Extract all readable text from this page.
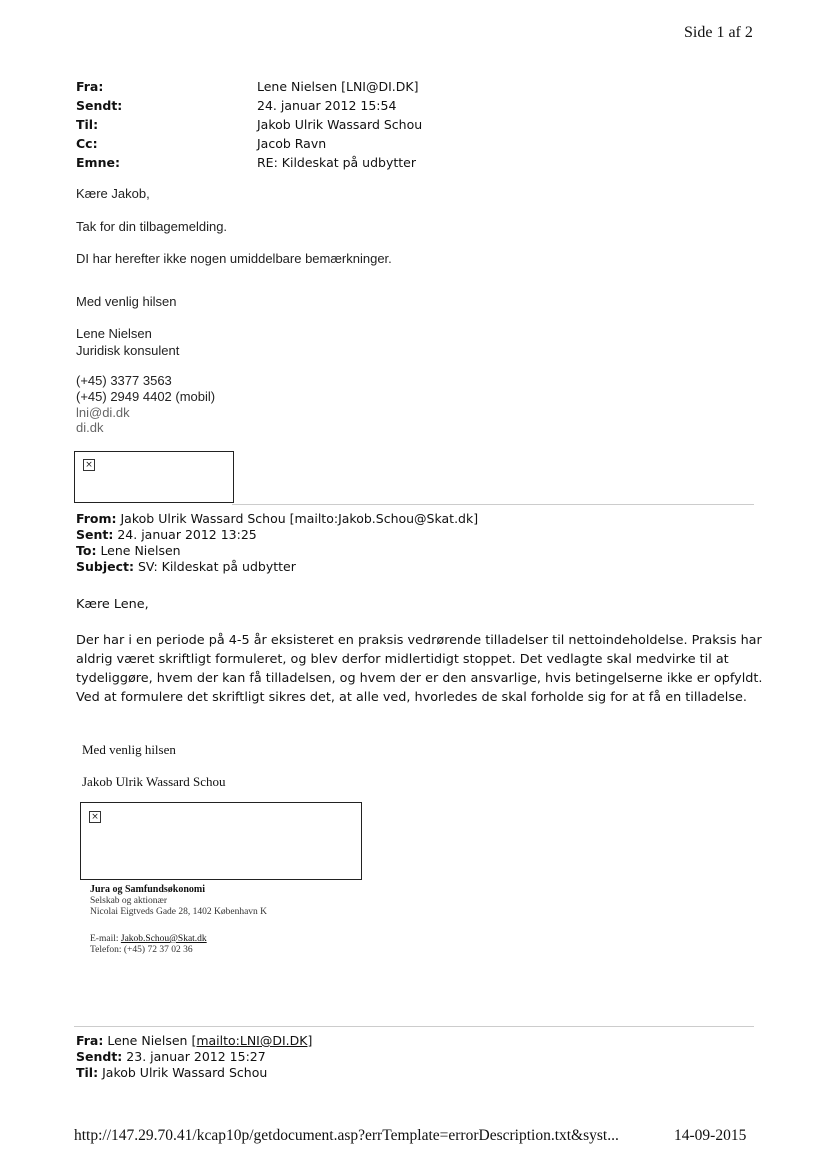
Side 1 af 2
Fra:
Sendt:
Til:
Cc:
Emne:
Lene Nielsen [LNI@DI.DK]
24. januar 2012 15:54
Jakob Ulrik Wassard Schou
Jacob Ravn
RE: Kildeskat på udbytter
Kære Jakob,
Tak for din tilbagemelding.
DI har herefter ikke nogen umiddelbare bemærkninger.
Med venlig hilsen
Lene Nielsen
Juridisk konsulent
(+45) 3377 3563
(+45) 2949 4402 (mobil)
lni@di.dk
di.dk
×
From: Jakob Ulrik Wassard Schou [mailto:Jakob.Schou@Skat.dk]
Sent: 24. januar 2012 13:25
To: Lene Nielsen
Subject: SV: Kildeskat på udbytter
Kære Lene,
Der har i en periode på 4-5 år eksisteret en praksis vedrørende tilladelser til nettoindeholdelse. Praksis har
aldrig været skriftligt formuleret, og blev derfor midlertidigt stoppet. Det vedlagte skal medvirke til at
tydeliggøre, hvem der kan få tilladelsen, og hvem der er den ansvarlige, hvis betingelserne ikke er opfyldt.
Ved at formulere det skriftligt sikres det, at alle ved, hvorledes de skal forholde sig for at få en tilladelse.
Med venlig hilsen
Jakob Ulrik Wassard Schou
×
Jura og Samfundsøkonomi
Selskab og aktionær
Nicolai Eigtveds Gade 28, 1402 København K
E-mail: Jakob.Schou@Skat.dk
Telefon: (+45) 72 37 02 36
Fra: Lene Nielsen [mailto:LNI@DI.DK]
Sendt: 23. januar 2012 15:27
Til: Jakob Ulrik Wassard Schou
http://147.29.70.41/kcap10p/getdocument.asp?errTemplate=errorDescription.txt&syst...	14-09-2015
